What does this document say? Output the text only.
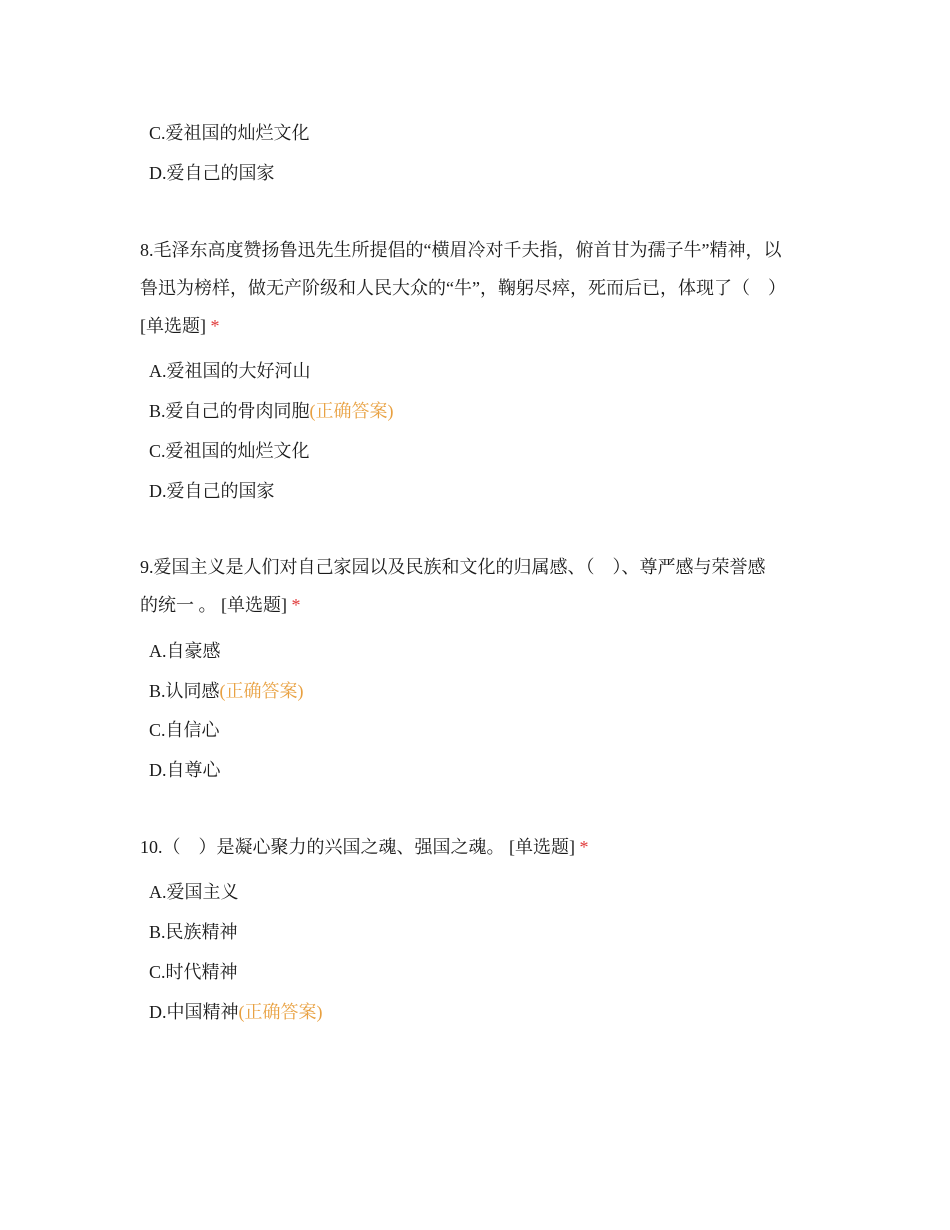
C.爱祖国的灿烂文化
D.爱自己的国家
8.毛泽东高度赞扬鲁迅先生所提倡的“横眉冷对千夫指，俯首甘为孺子牛”精神，以
鲁迅为榜样，做无产阶级和人民大众的“牛”，鞠躬尽瘁，死而后已，体现了（　）
[单选题] *
A.爱祖国的大好河山
B.爱自己的骨肉同胞(正确答案)
C.爱祖国的灿烂文化
D.爱自己的国家
9.爱国主义是人们对自己家园以及民族和文化的归属感、（　）、尊严感与荣誉感
的统一 。 [单选题] *
A.自豪感
B.认同感(正确答案)
C.自信心
D.自尊心
10.（　）是凝心聚力的兴国之魂、强国之魂。 [单选题] *
A.爱国主义
B.民族精神
C.时代精神
D.中国精神(正确答案)
